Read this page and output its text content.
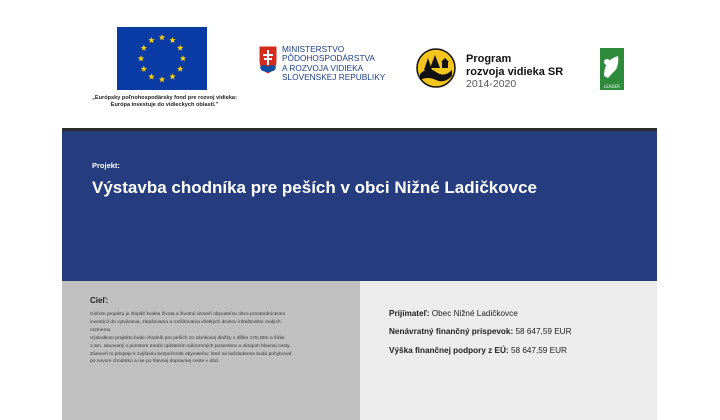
„Európsky poľnohospodársky fond pre rozvoj vidieka:
Európa investuje do vidieckych oblastí."
MINISTERSTVO
PÔDOHOSPODÁRSTVA
A ROZVOJA VIDIEKA
SLOVENSKEJ REPUBLIKY
Program
rozvoja vidieka SR
2014-2020	LEADER
Projekt:
Výstavba chodníka pre peších v obci Nižné Ladičkovce
Cieľ:
Cieľom projektu je zlepšiť kvalitu života a životnú úroveň obyvateľov obce prostredníctvom
investícií do vytvárania, zlepšovania a rozširovania všetkých druhov infraštruktúr malých
rozmerov.
Výsledkom projektu bude chodník pre peších zo zámkovej dlažby v dĺžke 178,40m a šírke
1,5m, situovaný v priestore medzi oplotením súkromných pozemkov a okrajom hlavnej cesty.
Zároveň to prispeje k zvýšeniu bezpečnosti obyvateľov, ktorí sa každodenne budú pohybovať
po novom chodníku a nie po hlavnej dopravnej ceste v obci.
Prijímateľ: Obec Nižné Ladičkovce
Nenávratný finančný príspevok: 58 647,59 EUR
Výška finančnej podpory z EÚ: 58 647,59 EUR
